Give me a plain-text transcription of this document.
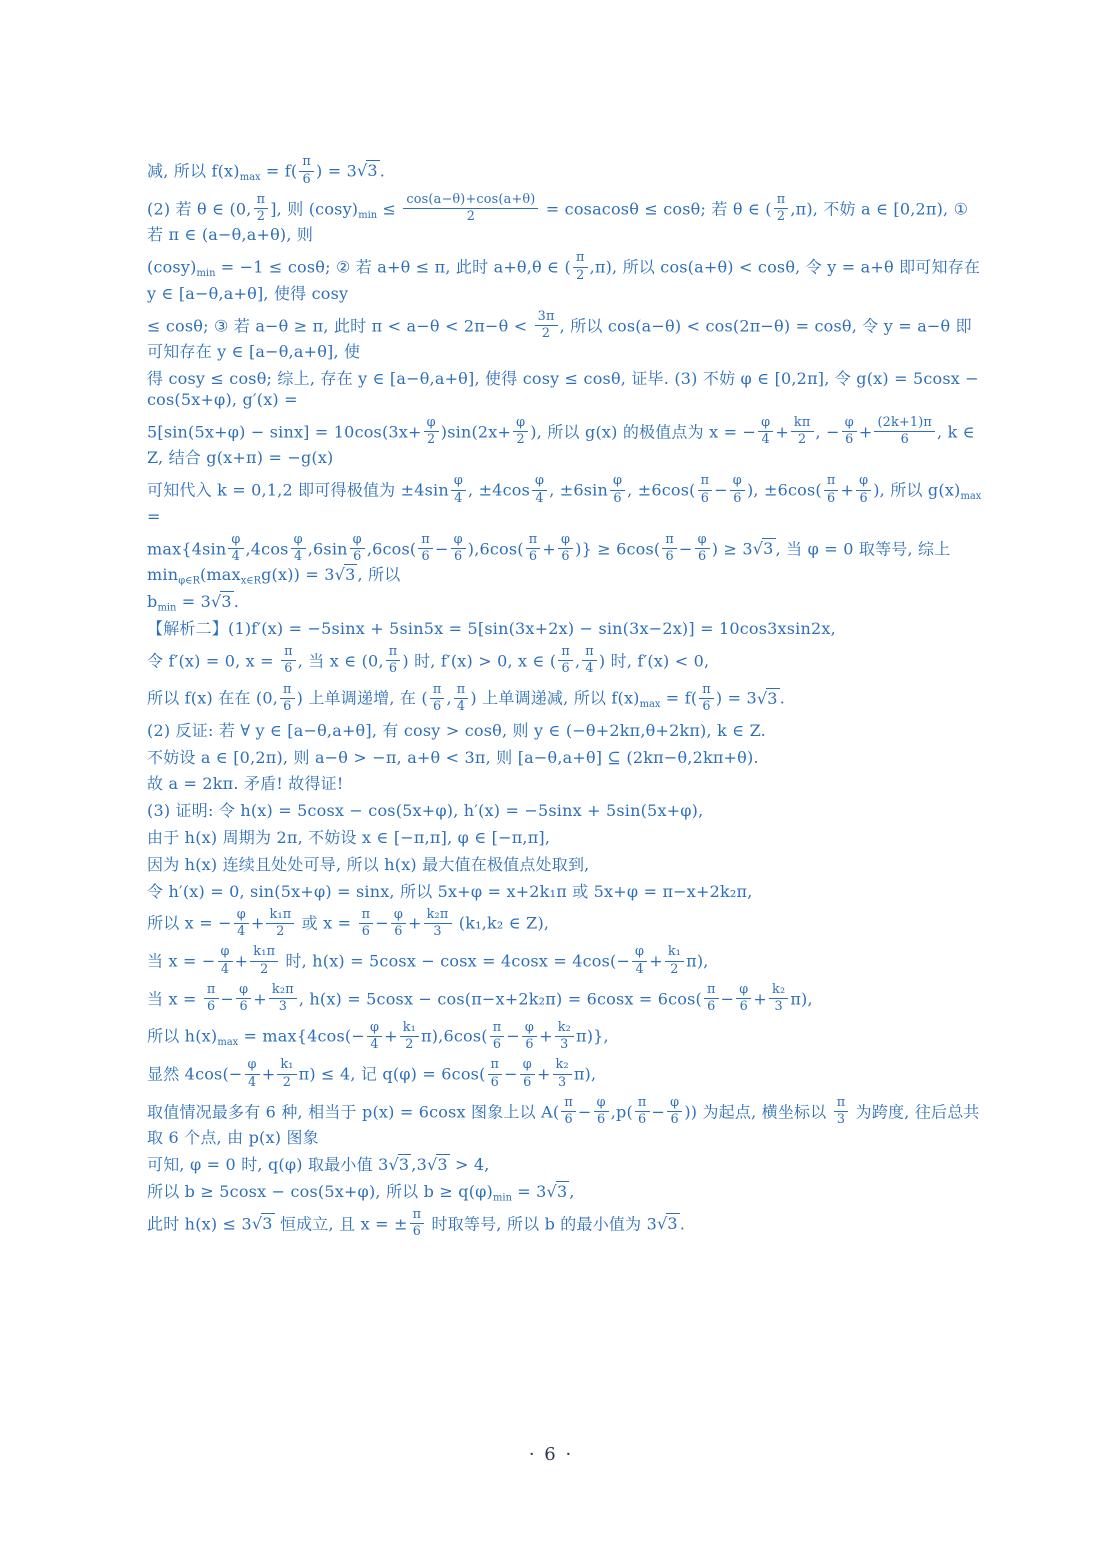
减, 所以 $f(x)_{max} = f( \frac{\pi}{6}$ ) = 3√3 .
(2) 若 θ ∈ (0, $\frac{\pi}{2}$ ], 则 $(\cos y)_{min} \le \frac{\cos(a-\theta)+\cos(a+\theta)}{2}$ = cosacosθ ≤ cosθ; 若 θ ∈ ( $\frac{\pi}{2} ,\pi$), 不妨 a ∈ [0,2π), ① 若 π ∈ (a−θ,a+θ), 则
$(\cos y)_{min} = -1 \le \cos\theta$; ② 若 a+θ ≤ π, 此时 a+θ,θ ∈ ( $\frac{\pi}{2} ,\pi$), 所以 cos(a+θ) < cosθ, 令 y = a+θ 即可知存在 y ∈ [a−θ,a+θ], 使得 cosy
≤ cosθ; ③ 若 a−θ ≥ π, 此时 $\pi < a-\theta < 2\pi-\theta < \frac{3\pi}{2}$ , 所以 cos(a−θ) < cos(2π−θ) = cosθ, 令 y = a−θ 即可知存在 y ∈ [a−θ,a+θ], 使
得 cosy ≤ cosθ; 综上, 存在 y ∈ [a−θ,a+θ], 使得 cosy ≤ cosθ, 证毕. (3) 不妨 φ ∈ [0,2π], 令 g(x) = 5cosx − cos(5x+φ), g′(x) =
$5[\sin(5x+\varphi) - \sin x] = 10\cos(3x+ \frac{\varphi}{2} )\sin(2x+ \frac{\varphi}{2}$ ), 所以 g(x) 的极值点为 x = − $\frac{\varphi}{4} + \frac{k\pi}{2}$ , − $\frac{\varphi}{6} + \frac{(2k+1)\pi}{6}$ , k ∈ Z, 结合 g(x+π) = −g(x)
可知代入 k = 0,1,2 即可得极值为 $\pm 4\sin \frac{\varphi}{4}$ , $\pm 4\cos \frac{\varphi}{4}$ , $\pm 6\sin \frac{\varphi}{6}$ , $\pm 6\cos( \frac{\pi}{6} - \frac{\varphi}{6}$ ), $\pm 6\cos( \frac{\pi}{6} + \frac{\varphi}{6}$ ), 所以 $g(x)_{max}$ =
$\max\{4\sin \frac{\varphi}{4} ,4\cos \frac{\varphi}{4} ,6\sin \frac{\varphi}{6} ,6\cos( \frac{\pi}{6} - \frac{\varphi}{6} ),6\cos( \frac{\pi}{6} + \frac{\varphi}{6}$ )} ≥ $6\cos( \frac{\pi}{6} - \frac{\varphi}{6}$ ) ≥ 3√3 , 当 φ = 0 取等号, 综上 $\min_{\varphi\in R}(\max_{x\in R}g(x)) = 3√3$ , 所以
$b_{min} = 3√3$ .
【解析二】(1)f′(x) = −5sinx + 5sin5x = 5[sin(3x+2x) − sin(3x−2x)] = 10cos3xsin2x,
令 f′(x) = 0, $x = \frac{\pi}{6}$ , 当 x ∈ (0, $\frac{\pi}{6}$ ) 时, f′(x) > 0, x ∈ ( $\frac{\pi}{6}$ , $\frac{\pi}{4}$ ) 时, f′(x) < 0,
所以 f(x) 在在 (0, $\frac{\pi}{6}$ ) 上单调递增, 在 ( $\frac{\pi}{6}$ , $\frac{\pi}{4}$ ) 上单调递减, 所以 $f(x)_{max} = f( \frac{\pi}{6}$ ) = 3√3 .
(2) 反证: 若 ∀ y ∈ [a−θ,a+θ], 有 cosy > cosθ, 则 y ∈ (−θ+2kπ,θ+2kπ), k ∈ Z.
不妨设 a ∈ [0,2π), 则 a−θ > −π, a+θ < 3π, 则 [a−θ,a+θ] ⊆ (2kπ−θ,2kπ+θ).
故 a = 2kπ. 矛盾! 故得证!
(3) 证明: 令 h(x) = 5cosx − cos(5x+φ), h′(x) = −5sinx + 5sin(5x+φ),
由于 h(x) 周期为 2π, 不妨设 x ∈ [−π,π], φ ∈ [−π,π],
因为 h(x) 连续且处处可导, 所以 h(x) 最大值在极值点处取到,
令 h′(x) = 0, sin(5x+φ) = sinx, 所以 5x+φ = x+2k₁π 或 5x+φ = π−x+2k₂π,
所以 x = − $\frac{\varphi}{4} + \frac{\text{k₁π}}{2}$ 或 $x = \frac{\pi}{6} - \frac{\varphi}{6} + \frac{\text{k₂π}}{3} (k_1,k_2$ ∈ Z),
当 x = − $\frac{\varphi}{4} + \frac{\text{k₁π}}{2}$ 时, $h(x) = 5\cos x - \cos x = 4\cos x = 4\cos(- \frac{\varphi}{4} + \frac{\text{k₁}}{2} \pi)$,
当 $x = \frac{\pi}{6} - \frac{\varphi}{6} + \frac{\text{k₂π}}{3}$ , $h(x) = 5\cos x - \cos(\pi-x+2k_2\pi) = 6\cos x = 6\cos( \frac{\pi}{6} - \frac{\varphi}{6} + \frac{\text{k₂}}{3} \pi)$,
所以 $h(x)_{max} = \max\{4\cos(- \frac{\varphi}{4} + \frac{\text{k₁}}{2} \pi),6\cos( \frac{\pi}{6} - \frac{\varphi}{6} + \frac{\text{k₂}}{3} \pi)\}$,
显然 $4\cos(- \frac{\varphi}{4} + \frac{\text{k₁}}{2} \pi) \le 4$, 记 $q(\varphi) = 6\cos( \frac{\pi}{6} - \frac{\varphi}{6} + \frac{\text{k₂}}{3} \pi)$,
取值情况最多有 6 种, 相当于 p(x) = 6cosx 图象上以 $A( \frac{\pi}{6} - \frac{\varphi}{6} ,p( \frac{\pi}{6} - \frac{\varphi}{6}$ )) 为起点, 横坐标以 $\frac{\pi}{3}$ 为跨度, 往后总共取 6 个点, 由 p(x) 图象
可知, φ = 0 时, q(φ) 取最小值 3√3 ,3√3 > 4,
所以 b ≥ 5cosx − cos(5x+φ), 所以 $b \ge q(\varphi)_{min} = 3√3$ ,
此时 h(x) ≤ 3√3 恒成立, 且 x = ± $\frac{\pi}{6}$ 时取等号, 所以 b 的最小值为 3√3 .
· 6 ·
